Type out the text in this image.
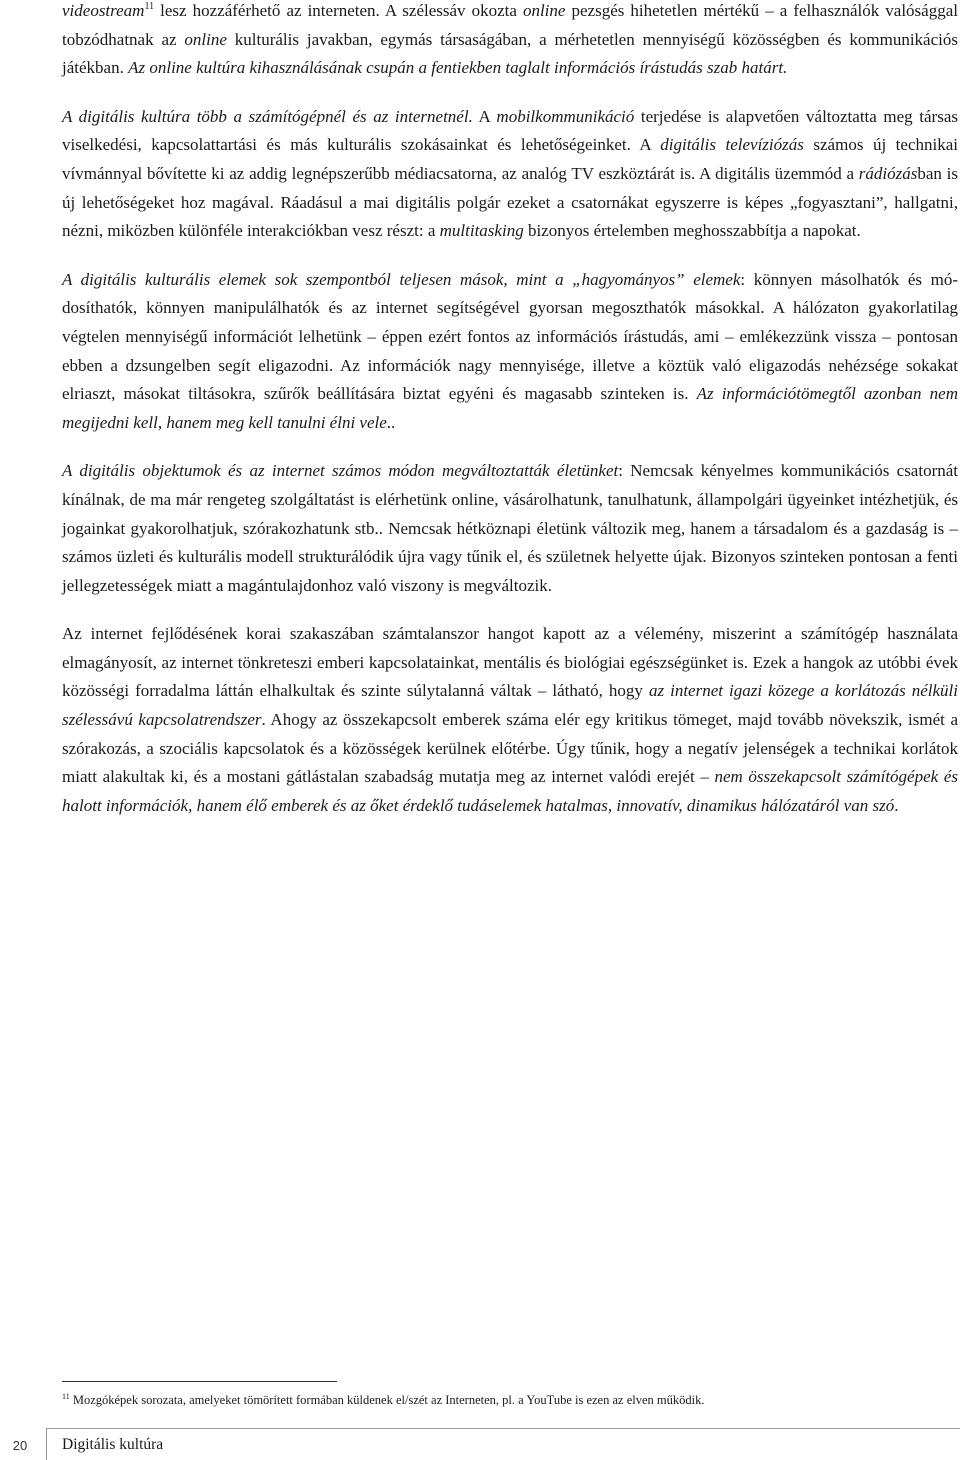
videostream$^{11}$ lesz hozzáférhető az interneten. A szélessáv okozta online pezsgés hihetetlen mértékű – a felhasználók valósággal tobzódhatnak az online kulturális javakban, egymás társaságában, a mérhetetlen mennyiségű közösségben és kommunikációs játékban. Az online kultúra kihasználásának csupán a fentiekben taglalt információs írástudás szab határt.

A digitális kultúra több a számítógépnél és az internetnél. A mobilkommunikáció terjedése is alapvetően változtatta meg társas viselkedési, kapcsolattartási és más kulturális szokásainkat és lehetőségeinket. A digitális televíziózás számos új technikai vívmánnyal bővítette ki az addig legnépszerűbb médiacsatorna, az analóg TV eszköztárát is. A digitális üzemmód a rádiózásban is új lehetőségeket hoz magával. Ráadásul a mai digitális polgár ezeket a csatornákat egyszerre is képes „fogyasztani”, hallgatni, nézni, miközben különféle interakciókban vesz részt: a multitasking bizonyos értelemben meghosszabbítja a napokat.

A digitális kulturális elemek sok szempontból teljesen mások, mint a „hagyományos” elemek: könnyen másolhatók és módosíthatók, könnyen manipulálhatók és az internet segítségével gyorsan megoszthatók másokkal. A hálózaton gyakorlatilag végtelen mennyiségű információt lelhetünk – éppen ezért fontos az információs írástudás, ami – emlékezzünk vissza – pontosan ebben a dzsungelben segít eligazodni. Az információk nagy mennyisége, illetve a köztük való eligazodás nehézsége sokakat elriaszt, másokat tiltásokra, szűrők beállítására biztat egyéni és magasabb szinteken is. Az információtömegtől azonban nem megijedni kell, hanem meg kell tanulni élni vele..

A digitális objektumok és az internet számos módon megváltoztatták életünket: Nemcsak kényelmes kommunikációs csatornát kínálnak, de ma már rengeteg szolgáltatást is elérhetünk online, vásárolhatunk, tanulhatunk, állampolgári ügyeinket intézhetjük, és jogainkat gyakorolhatjuk, szórakozhatunk stb.. Nemcsak hétköznapi életünk változik meg, hanem a társadalom és a gazdaság is – számos üzleti és kulturális modell strukturálódik újra vagy tűnik el, és születnek helyette újak. Bizonyos szinteken pontosan a fenti jellegzetességek miatt a magántulajdonhoz való viszony is megváltozik.

Az internet fejlődésének korai szakaszában számtalanszor hangot kapott az a vélemény, miszerint a számítógép használata elmagányosít, az internet tönkreteszi emberi kapcsolatainkat, mentális és biológiai egészségünket is. Ezek a hangok az utóbbi évek közösségi forradalma láttán elhalkultak és szinte súlytalanná váltak – látható, hogy az internet igazi közege a korlátozás nélküli szélessávú kapcsolatrendszer. Ahogy az összekapcsolt emberek száma elér egy kritikus tömeget, majd tovább növekszik, ismét a szórakozás, a szociális kapcsolatok és a közösségek kerülnek előtérbe. Úgy tűnik, hogy a negatív jelenségek a technikai korlátok miatt alakultak ki, és a mostani gátlástalan szabadság mutatja meg az internet valódi erejét – nem összekapcsolt számítógépek és halott információk, hanem élő emberek és az őket érdeklő tudáselemek hatalmas, innovatív, dinamikus hálózatáról van szó.

$^{11}$ Mozgóképek sorozata, amelyeket tömörített formában küldenek el/szét az Interneten, pl. a YouTube is ezen az elven működik.

20	Digitális kultúra
